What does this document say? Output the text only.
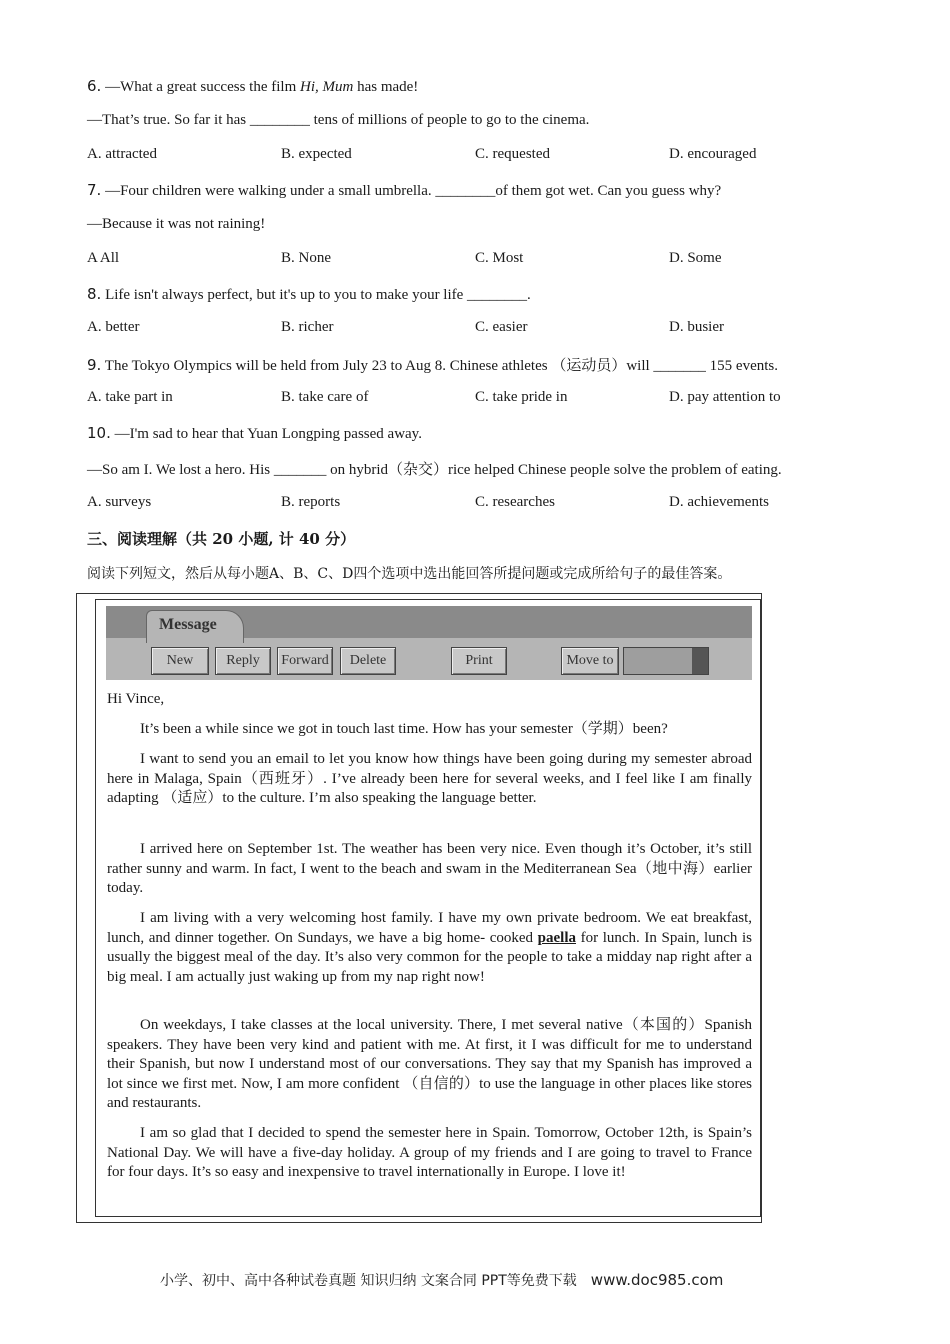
6. —What a great success the film Hi, Mum has made!
—That’s true. So far it has ________ tens of millions of people to go to the cinema.
A. attracted	B. expected	C. requested	D. encouraged
7. —Four children were walking under a small umbrella. ________of them got wet. Can you guess why?
—Because it was not raining!
A All	B. None	C. Most	D. Some
8. Life isn't always perfect, but it's up to you to make your life ________.
A. better	B. richer	C. easier	D. busier
9. The Tokyo Olympics will be held from July 23 to Aug 8. Chinese athletes （运动员）will _______ 155 events.
A. take part in	B. take care of	C. take pride in	D. pay attention to
10. —I'm sad to hear that Yuan Longping passed away.
—So am I. We lost a hero. His _______ on hybrid（杂交）rice helped Chinese people solve the problem of eating.
A. surveys	B. reports	C. researches	D. achievements
三、阅读理解（共 20 小题, 计 40 分）
阅读下列短文，然后从每小题A、B、C、D四个选项中选出能回答所提问题或完成所给句子的最佳答案。
Message
New	Reply	Forward	Delete	Print	Move to
Hi Vince,
It’s been a while since we got in touch last time. How has your semester（学期）been?
I want to send you an email to let you know how things have been going during my semester abroad here in Malaga, Spain（西班牙）. I’ve already been here for several weeks, and I feel like I am finally adapting （适应）to the culture. I’m also speaking the language better.
I arrived here on September 1st. The weather has been very nice. Even though it’s October, it’s still rather sunny and warm. In fact, I went to the beach and swam in the Mediterranean Sea（地中海）earlier today.
I am living with a very welcoming host family. I have my own private bedroom. We eat breakfast, lunch, and dinner together. On Sundays, we have a big home- cooked paella for lunch. In Spain, lunch is usually the biggest meal of the day. It’s also very common for the people to take a midday nap right after a big meal. I am actually just waking up from my nap right now!
On weekdays, I take classes at the local university. There, I met several native（本国的）Spanish speakers. They have been very kind and patient with me. At first, it I was difficult for me to understand their Spanish, but now I understand most of our conversations. They say that my Spanish has improved a lot since we first met. Now, I am more confident （自信的）to use the language in other places like stores and restaurants.
I am so glad that I decided to spend the semester here in Spain. Tomorrow, October 12th, is Spain’s National Day. We will have a five-day holiday. A group of my friends and I are going to travel to France for four days. It’s so easy and inexpensive to travel internationally in Europe. I love it!
小学、初中、高中各种试卷真题 知识归纳 文案合同 PPT等免费下载 www.doc985.com
